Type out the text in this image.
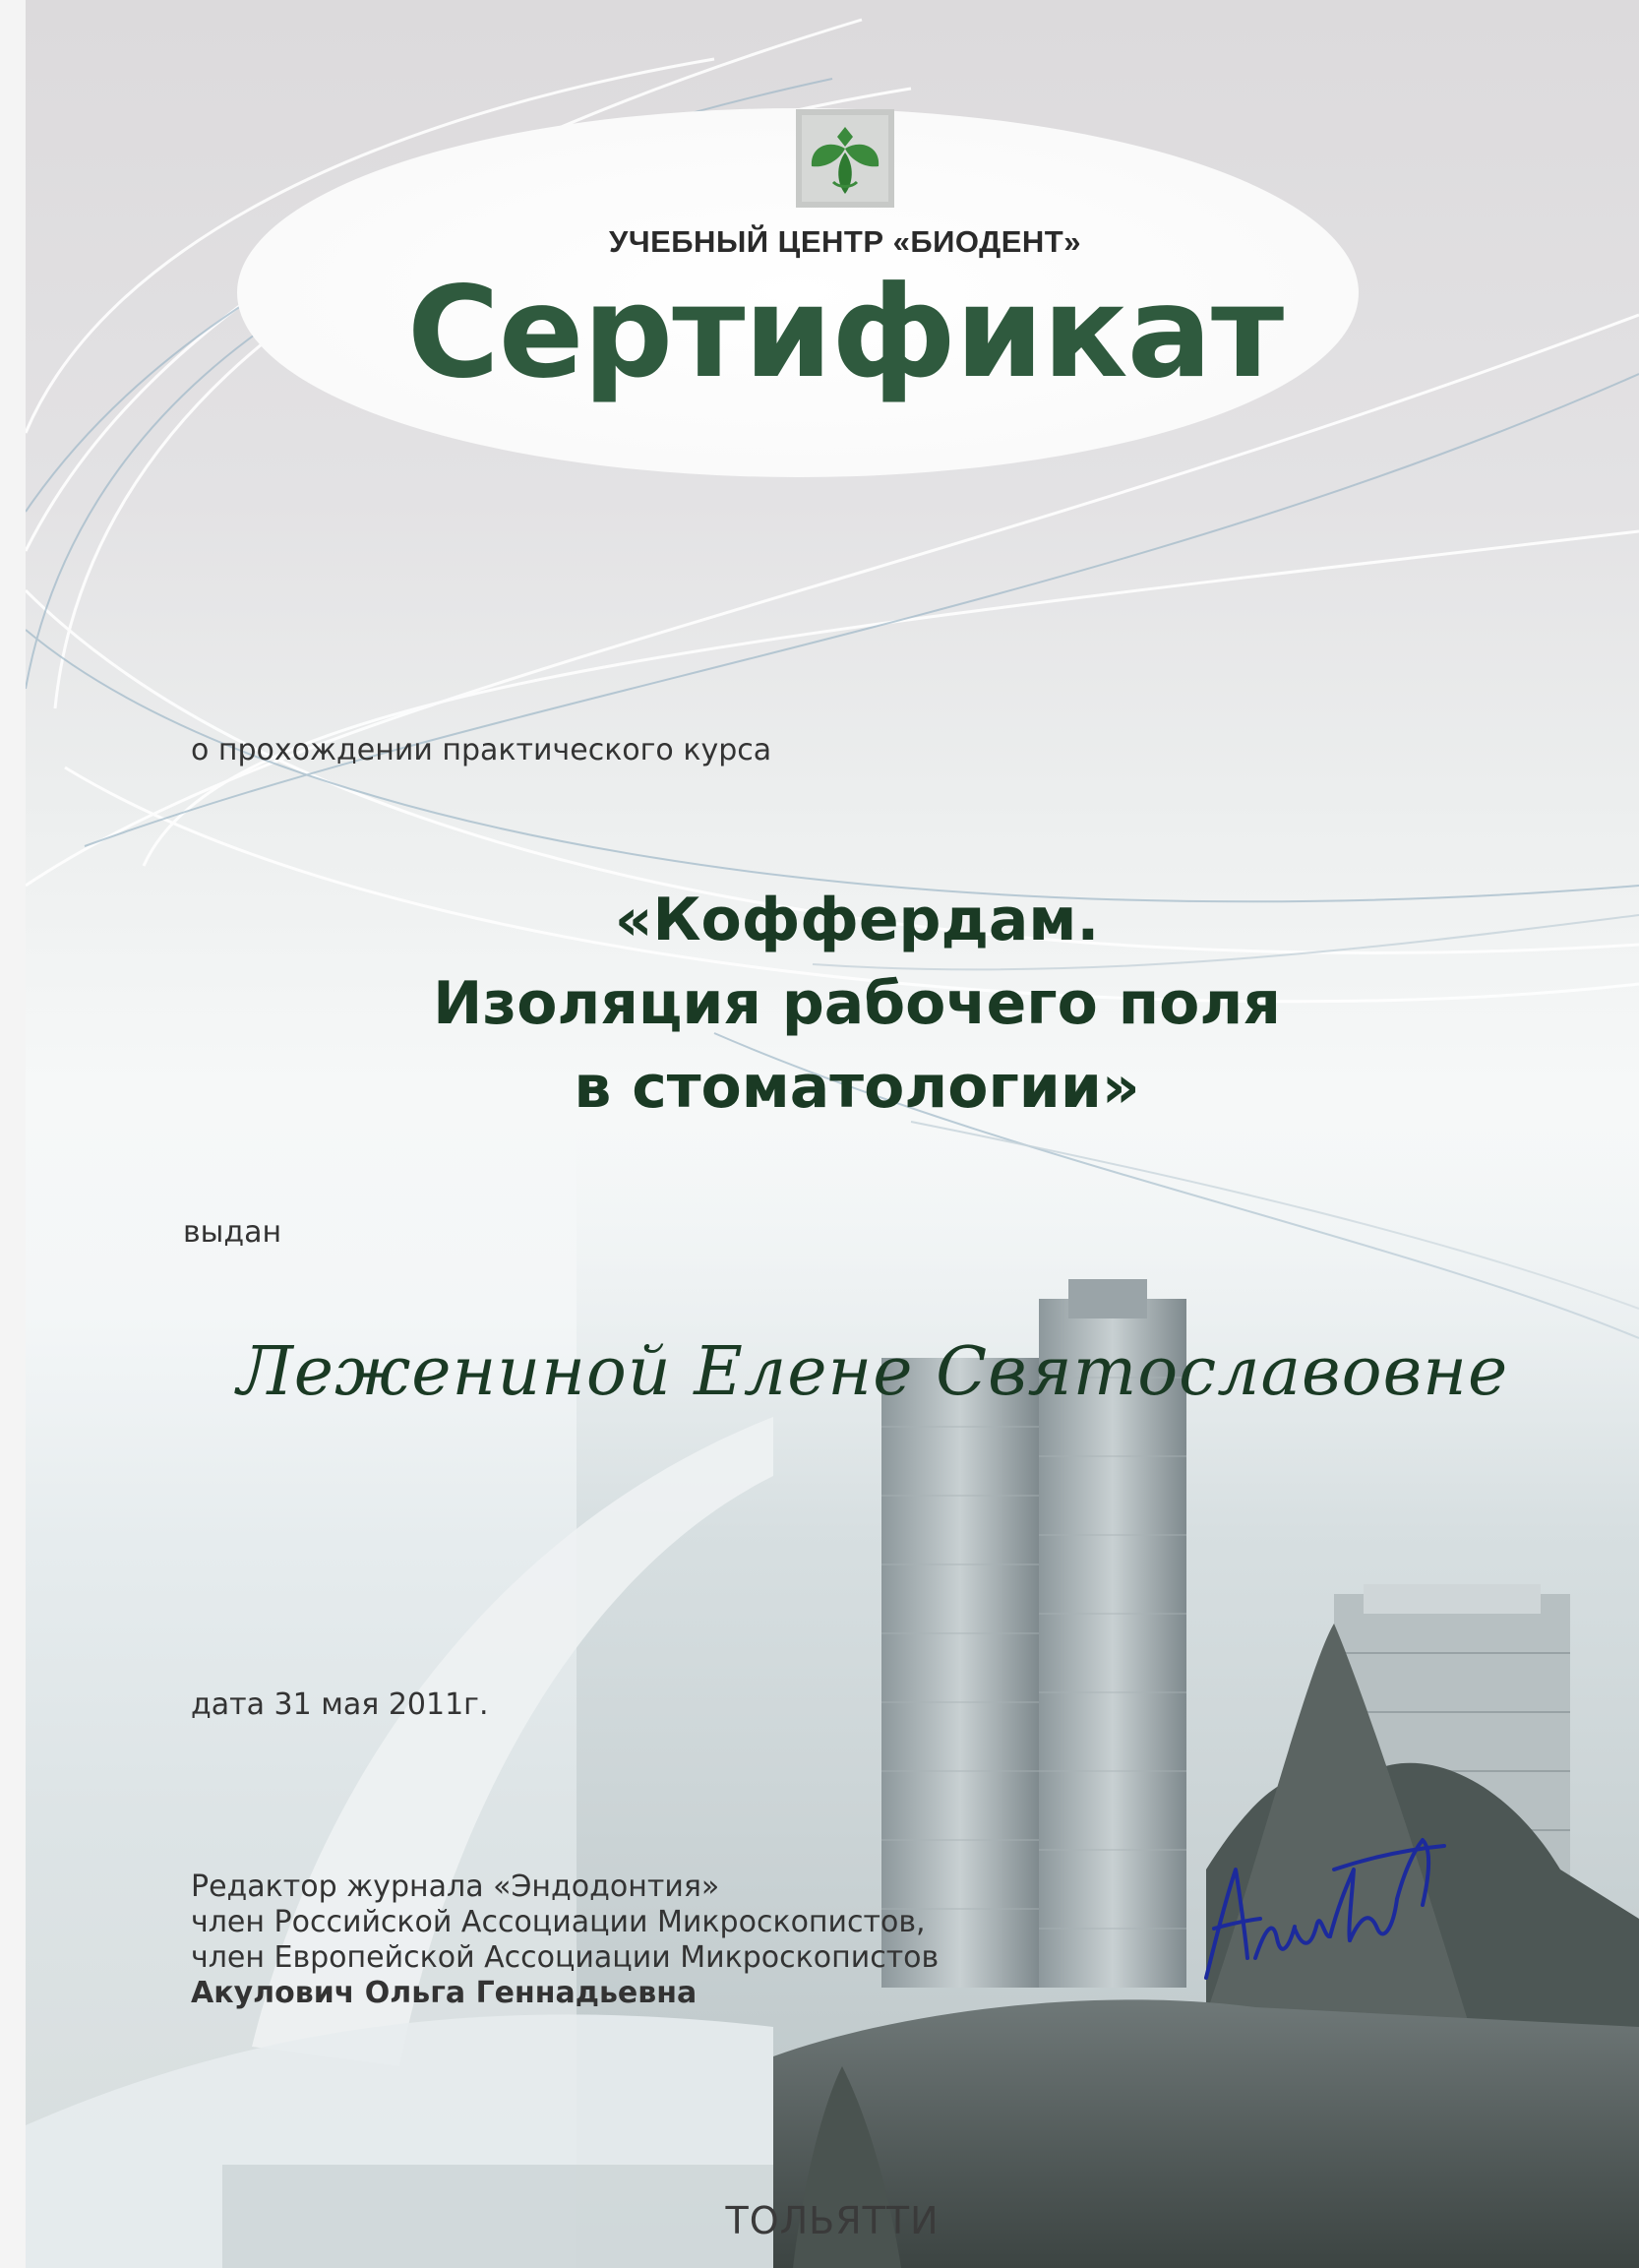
УЧЕБНЫЙ ЦЕНТР «БИОДЕНТ»
Сертификат
о прохождении практического курса
«Коффердам.
Изоляция рабочего поля
в стоматологии»
выдан
Лежениной Елене Святославовне
дата 31 мая 2011г.
Редактор журнала «Эндодонтия»
член Российской Ассоциации Микроскопистов,
член Европейской Ассоциации Микроскопистов
Акулович Ольга Геннадьевна
ТОЛЬЯТТИ
